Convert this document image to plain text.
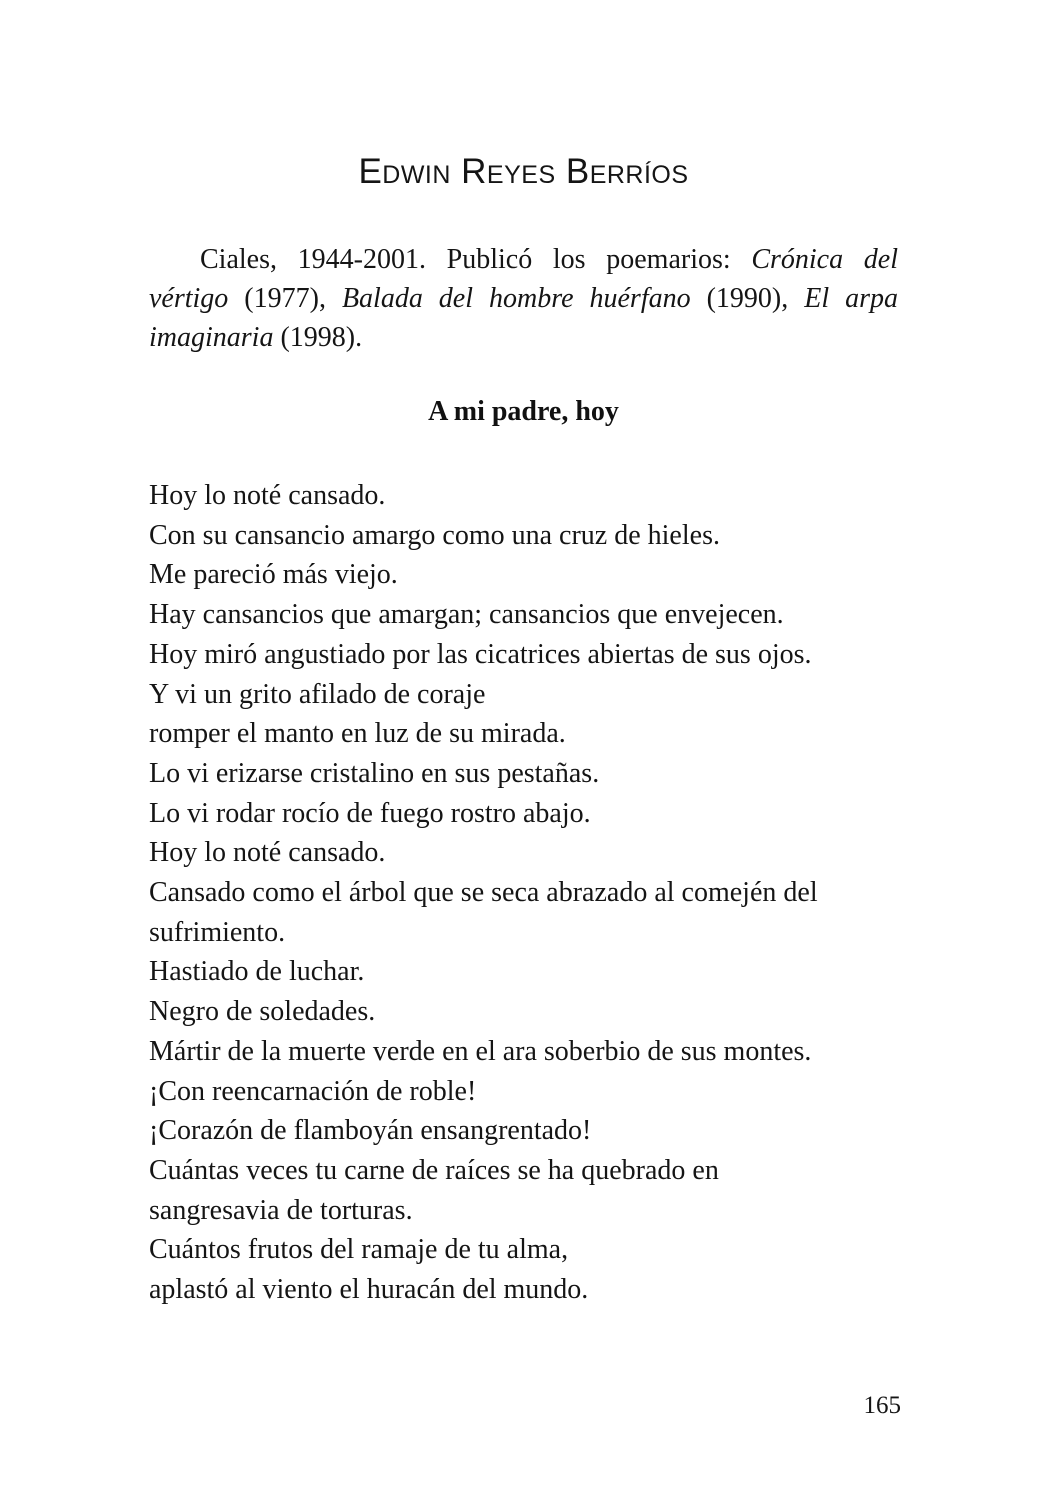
Edwin Reyes Berríos

Ciales, 1944-2001. Publicó los poemarios: Crónica del vértigo (1977), Balada del hombre huérfano (1990), El arpa imaginaria (1998).

A mi padre, hoy
Hoy lo noté cansado.
Con su cansancio amargo como una cruz de hieles.
Me pareció más viejo.
Hay cansancios que amargan; cansancios que envejecen.
Hoy miró angustiado por las cicatrices abiertas de sus ojos.
Y vi un grito afilado de coraje
romper el manto en luz de su mirada.
Lo vi erizarse cristalino en sus pestañas.
Lo vi rodar rocío de fuego rostro abajo.
Hoy lo noté cansado.
Cansado como el árbol que se seca abrazado al comején del
sufrimiento.
Hastiado de luchar.
Negro de soledades.
Mártir de la muerte verde en el ara soberbio de sus montes.
¡Con reencarnación de roble!
¡Corazón de flamboyán ensangrentado!
Cuántas veces tu carne de raíces se ha quebrado en
sangresavia de torturas.
Cuántos frutos del ramaje de tu alma,
aplastó al viento el huracán del mundo.
165
